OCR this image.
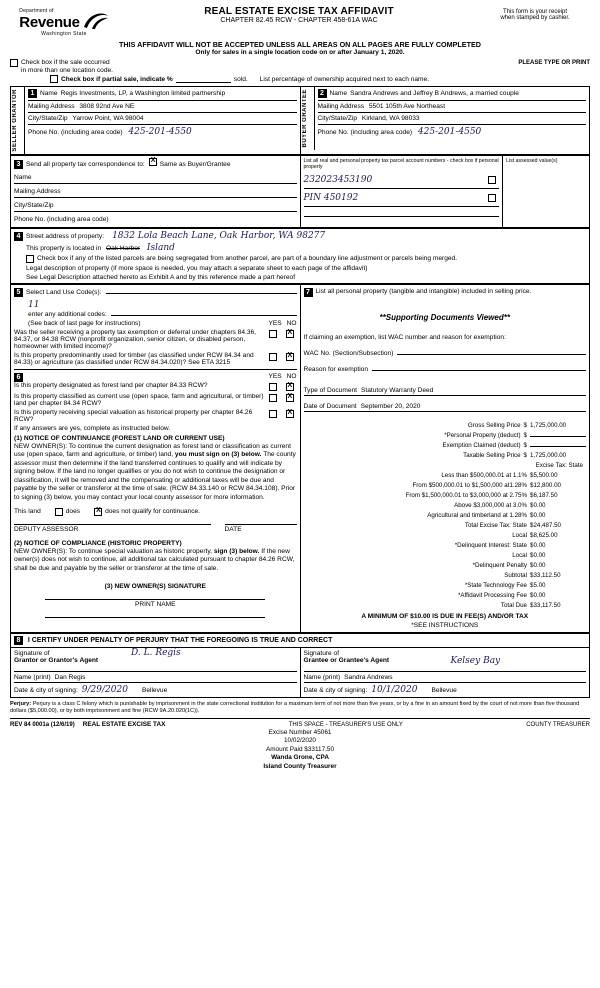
Department of
Revenue
Washington State
REAL ESTATE EXCISE TAX AFFIDAVIT
CHAPTER 82.45 RCW - CHAPTER 458-61A WAC
This form is your receipt
when stamped by cashier.
THIS AFFIDAVIT WILL NOT BE ACCEPTED UNLESS ALL AREAS ON ALL PAGES ARE FULLY COMPLETED
Only for sales in a single location code on or after January 1, 2020.
Check box if the sale occurred
in more than one location code.
PLEASE TYPE OR PRINT
Check box if partial sale, indicate %	sold. List percentage of ownership acquired next to each name.
SELLER GRANTOR	1 Name Regis Investments, LP, a Washington limited partnership
Mailing Address 3808 92nd Ave NE
City/State/Zip Yarrow Point, WA 98004
Phone No. (including area code) 425-201-4550	BUYER GRANTEE	2 Name Sandra Andrews and Jeffrey B Andrews, a married couple
Mailing Address 5501 105th Ave Northeast
City/State/Zip Kirkland, WA 98033
Phone No. (including area code) 425-201-4550
3 Send all property tax correspondence to: X Same as Buyer/Grantee
Name
Mailing Address
City/State/Zip
Phone No. (including area code)

List all real and personal property tax parcel account numbers - check box if personal property
232023453190
PIN 450192

List assessed value(s)
4 Street address of property: 1832 Lola Beach Lane, Oak Harbor, WA 98277
This property is located in Oak Harbor Island
Check box if any of the listed parcels are being segregated from another parcel, are part of a boundary line adjustment or parcels being merged.
Legal description of property (if more space is needed, you may attach a separate sheet to each page of the affidavit)
See Legal Description attached hereto as Exhibit A and by this reference made a part hereof
5 Select Land Use Code(s):
11
enter any additional codes:
(See back of last page for instructions)	YES NO
Was the seller receiving a property tax exemption or deferral under chapters 84.36, 84.37, or 84.38 RCW (nonprofit organization, senior citizen, or disabled person, homeowner with limited income)?
X
Is this property predominantly used for timber (as classified under RCW 84.34 and 84.33) or agriculture (as classified under RCW 84.34.020)? See ETA 3215
X
6	YES NO
Is this property designated as forest land per chapter 84.33 RCW?
X
Is this property classified as current use (open space, farm and agricultural, or timber) land per chapter 84.34 RCW?
X
Is this property receiving special valuation as historical property per chapter 84.26 RCW?
X
If any answers are yes, complete as instructed below.
(1) NOTICE OF CONTINUANCE (FOREST LAND OR CURRENT USE)
NEW OWNER(S): To continue the current designation as forest land or classification as current use (open space, farm and agriculture, or timber) land, you must sign on (3) below. The county assessor must then determine if the land transferred continues to qualify and will indicate by signing below. If the land no longer qualifies or you do not wish to continue the designation or classification, it will be removed and the compensating or additional taxes will be due and payable by the seller or transferor at the time of sale. (RCW 84.33.140 or RCW 84.34.108). Prior to signing (3) below, you may contact your local county assessor for more information.
This land	does X	does not qualify for continuance.
DEPUTY ASSESSOR	DATE
(2) NOTICE OF COMPLIANCE (HISTORIC PROPERTY)
NEW OWNER(S): To continue special valuation as historic property, sign (3) below. If the new owner(s) does not wish to continue, all additional tax calculated pursuant to chapter 84.26 RCW, shall be due and payable by the seller or transferor at the time of sale.
(3) NEW OWNER(S) SIGNATURE
PRINT NAME

7 List all personal property (tangible and intangible) included in selling price.
**Supporting Documents Viewed**
If claiming an exemption, list WAC number and reason for exemption:
WAC No. (Section/Subsection)
Reason for exemption
Type of Document Statutory Warranty Deed
Date of Document September 20, 2020
Gross Selling Price $ 1,725,000.00
*Personal Property (deduct) $
Exemption Claimed (deduct) $
Taxable Selling Price $ 1,725,000.00
Excise Tax: State
Less than $500,000.01 at 1.1% $5,500.00
From $500,000.01 to $1,500,000 at1.28% $12,800.00
From $1,500,000.01 to $3,000,000 at 2.75% $6,187.50
Above $3,000,000 at 3.0% $0.00
Agricultural and timberland at 1.28% $0.00
Total Excise Tax: State $24,487.50
Local $8,625.00
*Delinquent Interest: State $0.00
Local $0.00
*Delinquent Penalty $0.00
Subtotal $33,112.50
*State Technology Fee $5.00
*Affidavit Processing Fee $0.00
Total Due $33,117.50
A MINIMUM OF $10.00 IS DUE IN FEE(S) AND/OR TAX
*SEE INSTRUCTIONS
8 I CERTIFY UNDER PENALTY OF PERJURY THAT THE FOREGOING IS TRUE AND CORRECT

Signature of
Grantor or Grantor's Agent
D. L. Regis
Name (print) Dan Regis
Date & city of signing: 9/29/2020 Bellevue

Signature of
Grantee or Grantee's Agent	Kelsey Bay
Name (print) Sandra Andrews
Date & city of signing: 10/1/2020 Bellevue
Perjury: Perjury is a class C felony which is punishable by imprisonment in the state correctional institution for a maximum term of not more than five years, or by a fine in an amount fixed by the court of not more than five thousand dollars ($5,000.00), or by both imprisonment and fine (RCW 9A.20.020(1C)).
REV 84 0001a (12/6/19) REAL ESTATE EXCISE TAX	THIS SPACE - TREASURER'S USE ONLY	COUNTY TREASURER
Excise Number 45061
10/02/2020
Amount Paid $33117.50
Wanda Grone, CPA
Island County Treasurer
